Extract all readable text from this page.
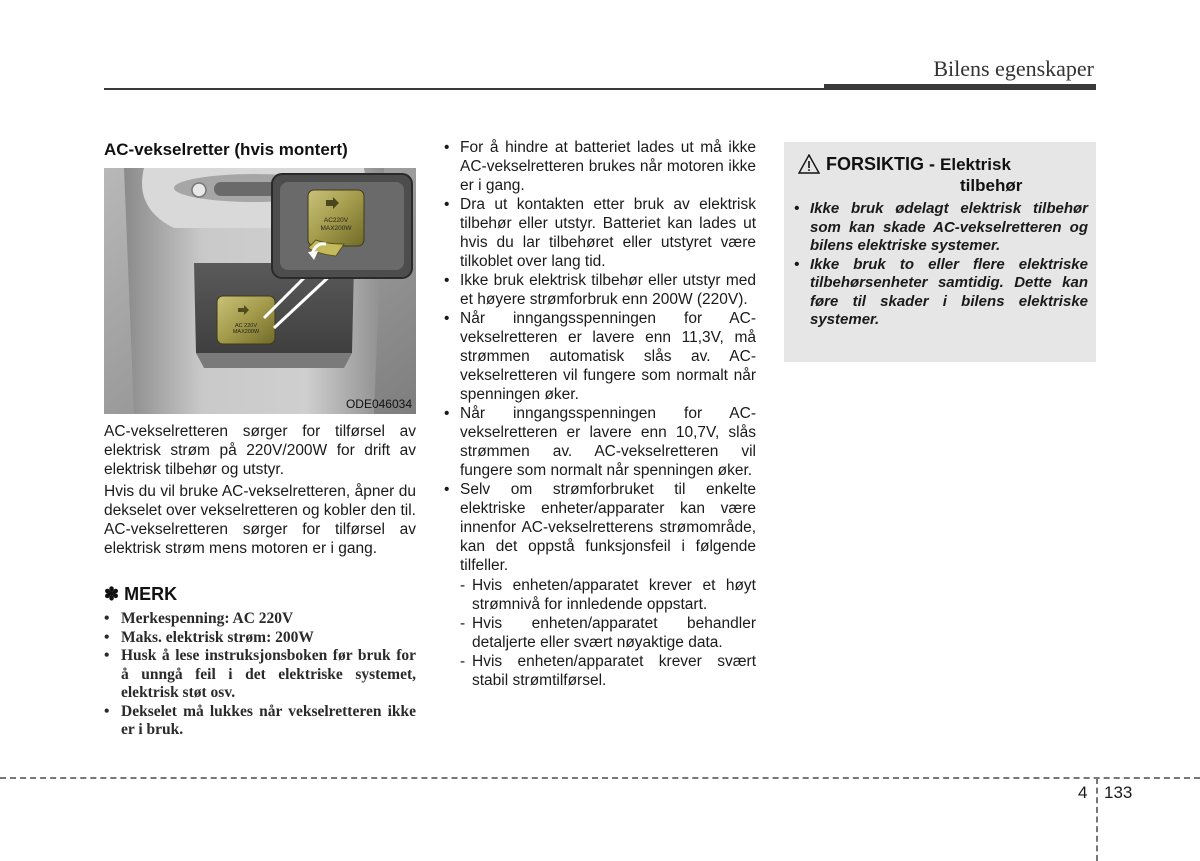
Bilens egenskaper
AC-vekselretter (hvis montert)
AC 220V
MAX200W
AC220V
MAX200W
ODE046034
AC-vekselretteren sørger for tilførsel av elektrisk strøm på 220V/200W for drift av elektrisk tilbehør og utstyr.
Hvis du vil bruke AC-vekselretteren, åpner du dekselet over vekselretteren og kobler den til. AC-vekselretteren sørger for tilførsel av elektrisk strøm mens motoren er i gang.
✽ MERK
• Merkespenning: AC 220V
• Maks. elektrisk strøm: 200W
• Husk å lese instruksjonsboken før bruk for å unngå feil i det elektriske systemet, elektrisk støt osv.
• Dekselet må lukkes når vekselretteren ikke er i bruk.
• For å hindre at batteriet lades ut må ikke AC-vekselretteren brukes når motoren ikke er i gang.
• Dra ut kontakten etter bruk av elektrisk tilbehør eller utstyr. Batteriet kan lades ut hvis du lar tilbehøret eller utstyret være tilkoblet over lang tid.
• Ikke bruk elektrisk tilbehør eller utstyr med et høyere strømforbruk enn 200W (220V).
• Når inngangsspenningen for AC-vekselretteren er lavere enn 11,3V, må strømmen automatisk slås av. AC-vekselretteren vil fungere som normalt når spenningen øker.
• Når inngangsspenningen for AC-vekselretteren er lavere enn 10,7V, slås strømmen av. AC-vekselretteren vil fungere som normalt når spenningen øker.
• Selv om strømforbruket til enkelte elektriske enheter/apparater kan være innenfor AC-vekselretterens strømområde, kan det oppstå funksjonsfeil i følgende tilfeller.
- Hvis enheten/apparatet krever et høyt strømnivå for innledende oppstart.
- Hvis enheten/apparatet behandler detaljerte eller svært nøyaktige data.
- Hvis enheten/apparatet krever svært stabil strømtilførsel.
FORSIKTIG - Elektrisk
tilbehør
• Ikke bruk ødelagt elektrisk tilbehør som kan skade AC-vekselretteren og bilens elektriske systemer.
• Ikke bruk to eller flere elektriske tilbehørsenheter samtidig. Dette kan føre til skader i bilens elektriske systemer.
4 133
